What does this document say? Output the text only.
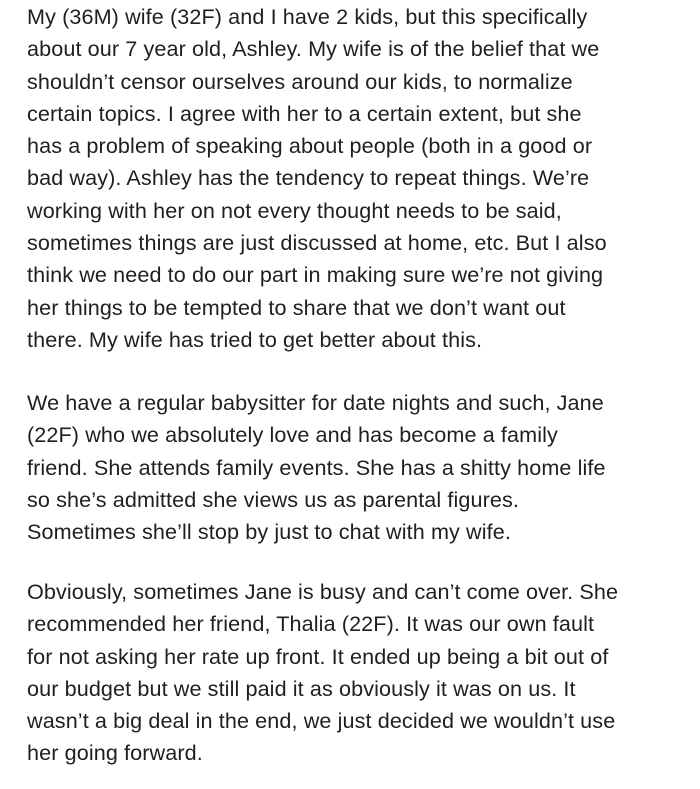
My (36M) wife (32F) and I have 2 kids, but this specifically
about our 7 year old, Ashley. My wife is of the belief that we
shouldn’t censor ourselves around our kids, to normalize
certain topics. I agree with her to a certain extent, but she
has a problem of speaking about people (both in a good or
bad way). Ashley has the tendency to repeat things. We’re
working with her on not every thought needs to be said,
sometimes things are just discussed at home, etc. But I also
think we need to do our part in making sure we’re not giving
her things to be tempted to share that we don’t want out
there. My wife has tried to get better about this.
We have a regular babysitter for date nights and such, Jane
(22F) who we absolutely love and has become a family
friend. She attends family events. She has a shitty home life
so she’s admitted she views us as parental figures.
Sometimes she’ll stop by just to chat with my wife.
Obviously, sometimes Jane is busy and can’t come over. She
recommended her friend, Thalia (22F). It was our own fault
for not asking her rate up front. It ended up being a bit out of
our budget but we still paid it as obviously it was on us. It
wasn’t a big deal in the end, we just decided we wouldn’t use
her going forward.
